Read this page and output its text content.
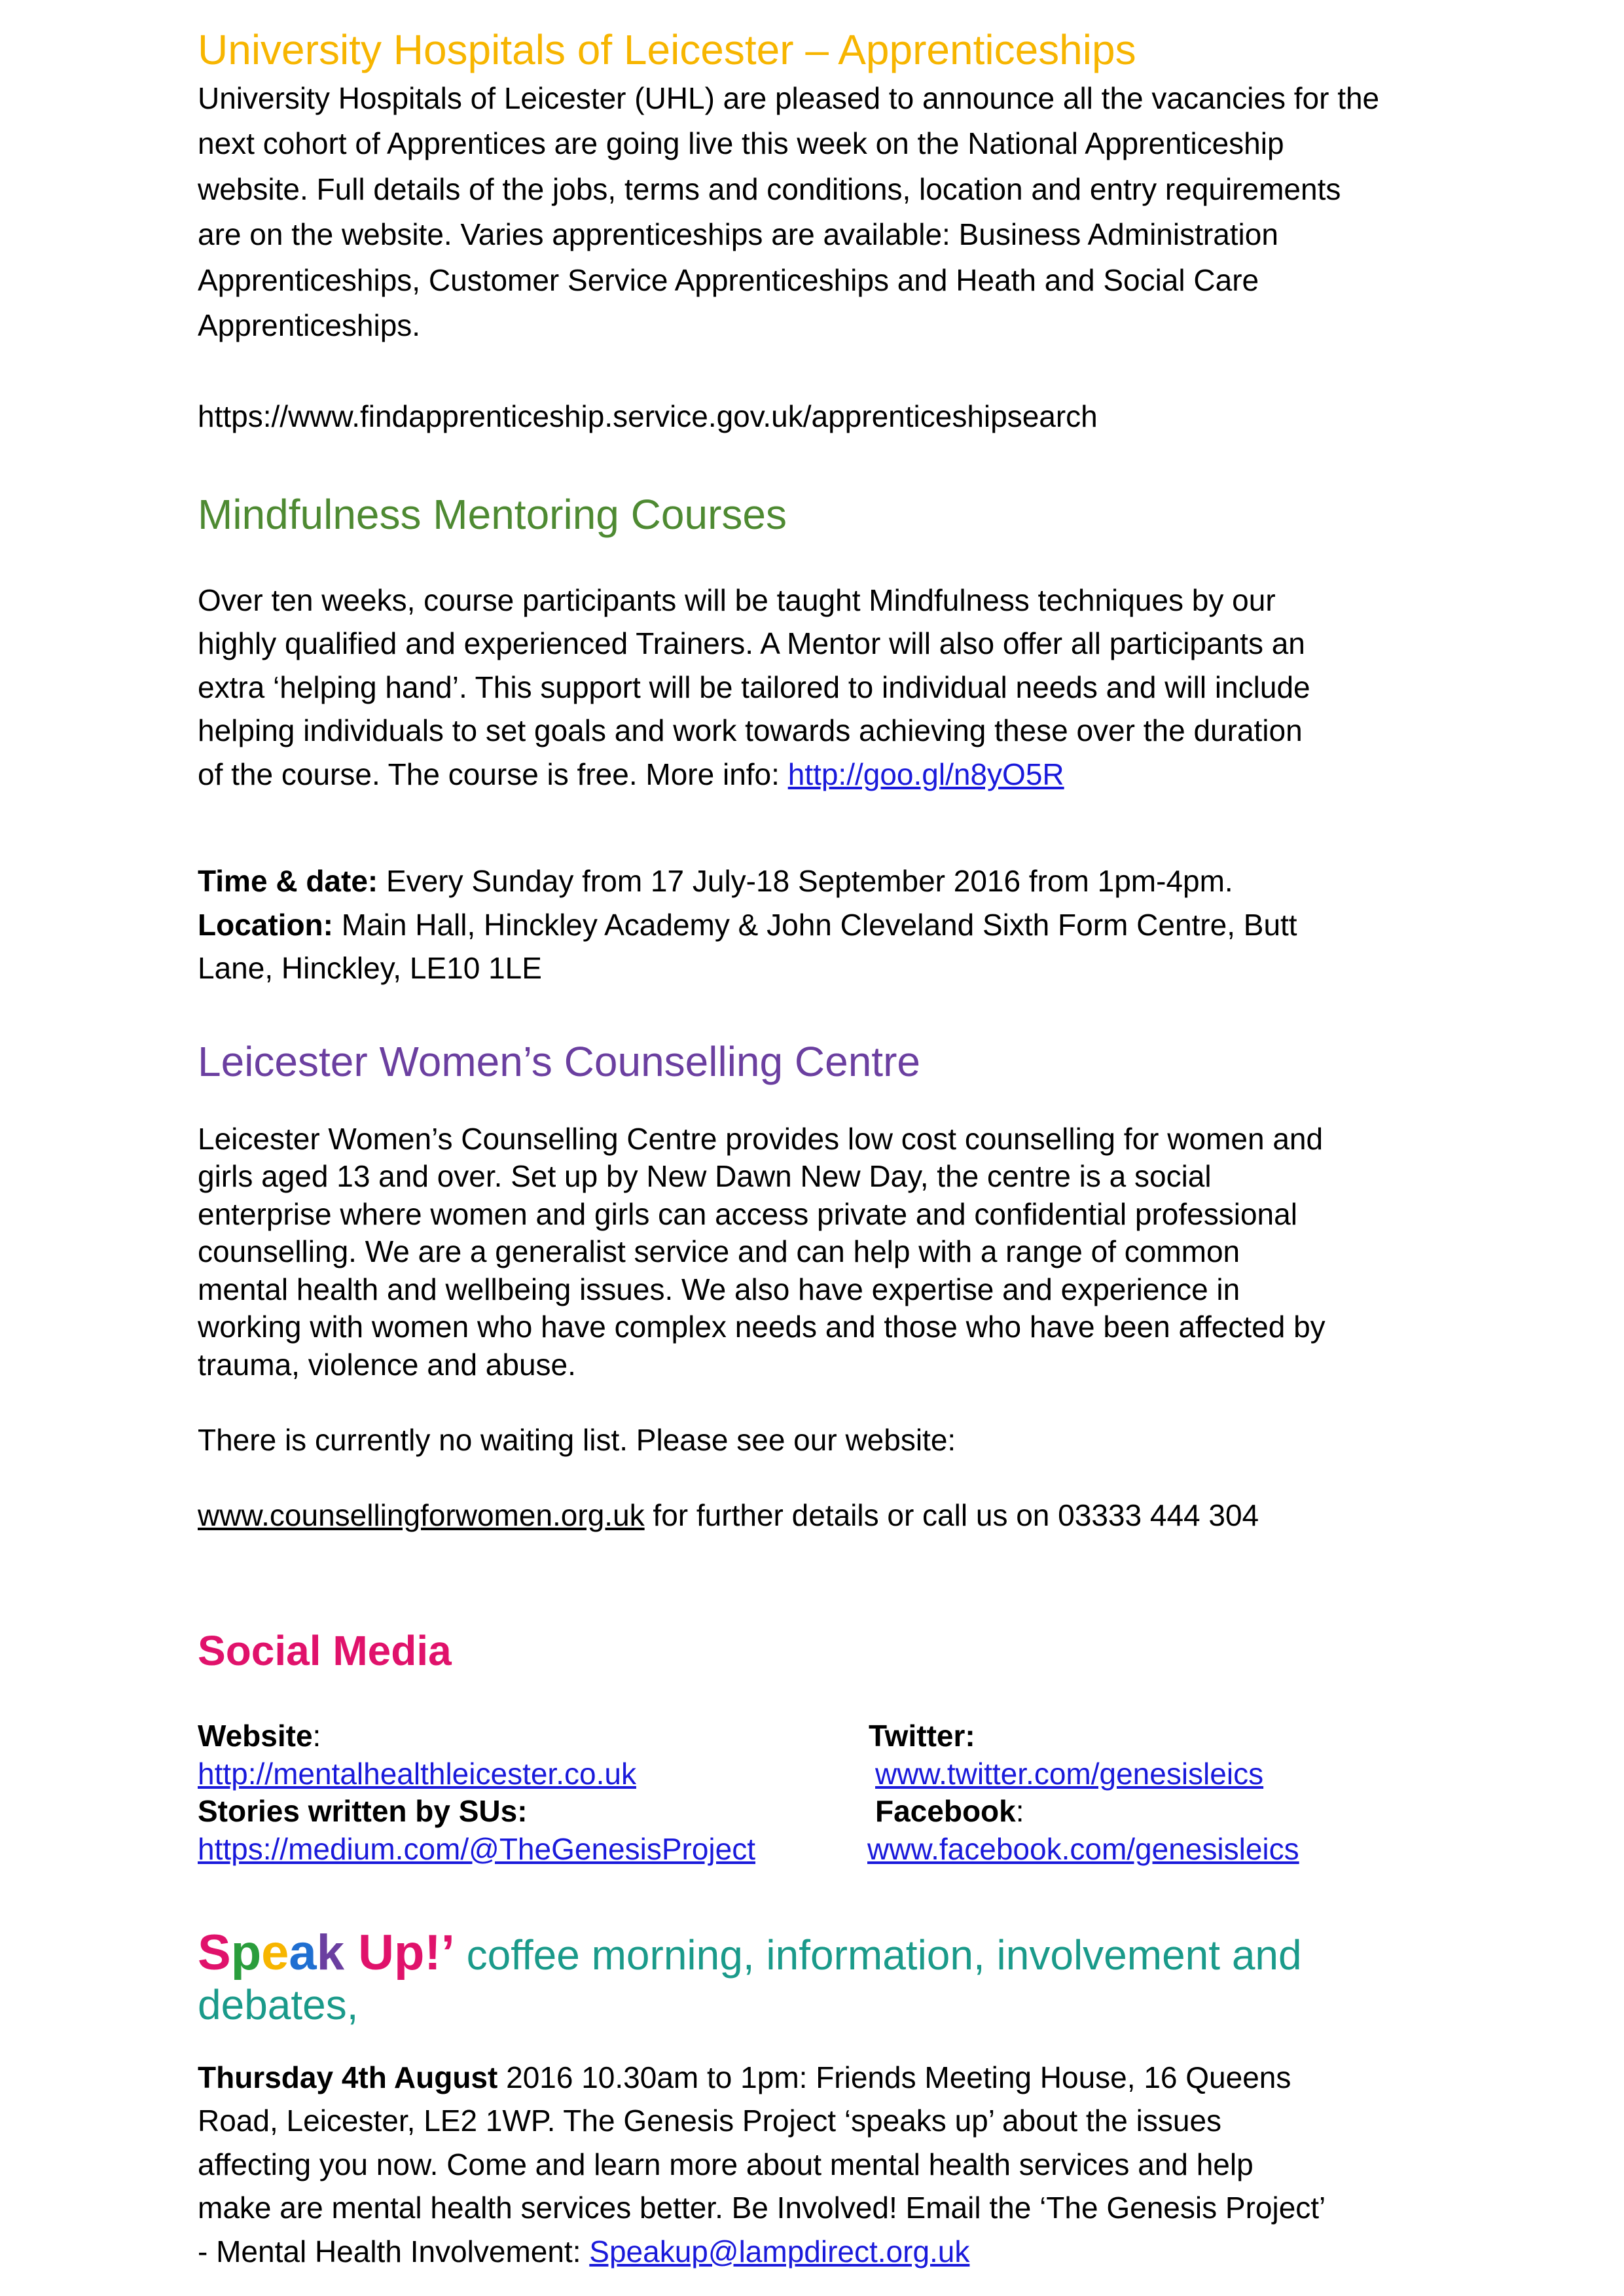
University Hospitals of Leicester – Apprenticeships

University Hospitals of Leicester (UHL) are pleased to announce all the vacancies for the

next cohort of Apprentices are going live this week on the National Apprenticeship

website. Full details of the jobs, terms and conditions, location and entry requirements

are on the website. Varies apprenticeships are available: Business Administration

Apprenticeships, Customer Service Apprenticeships and Heath and Social Care

Apprenticeships.

https://www.findapprenticeship.service.gov.uk/apprenticeshipsearch

Mindfulness Mentoring Courses

Over ten weeks, course participants will be taught Mindfulness techniques by our

highly qualified and experienced Trainers. A Mentor will also offer all participants an

extra ‘helping hand’. This support will be tailored to individual needs and will include

helping individuals to set goals and work towards achieving these over the duration

of the course. The course is free. More info: http://goo.gl/n8yO5R

Time & date: Every Sunday from 17 July-18 September 2016 from 1pm-4pm.

Location: Main Hall, Hinckley Academy & John Cleveland Sixth Form Centre, Butt

Lane, Hinckley, LE10 1LE

Leicester Women’s Counselling Centre

Leicester Women’s Counselling Centre provides low cost counselling for women and

girls aged 13 and over. Set up by New Dawn New Day, the centre is a social

enterprise where women and girls can access private and confidential professional

counselling. We are a generalist service and can help with a range of common

mental health and wellbeing issues. We also have expertise and experience in

working with women who have complex needs and those who have been affected by

trauma, violence and abuse.

There is currently no waiting list. Please see our website:

www.counsellingforwomen.org.uk for further details or call us on 03333 444 304

Social Media
Website:	Twitter:
http://mentalhealthleicester.co.uk	www.twitter.com/genesisleics
Stories written by SUs:	Facebook:
https://medium.com/@TheGenesisProject	www.facebook.com/genesisleics
Speak Up!’ coffee morning, information, involvement and debates,

Thursday 4th August 2016 10.30am to 1pm: Friends Meeting House, 16 Queens

Road, Leicester, LE2 1WP. The Genesis Project ‘speaks up’ about the issues

affecting you now. Come and learn more about mental health services and help

make are mental health services better. Be Involved! Email the ‘The Genesis Project’

- Mental Health Involvement: Speakup@lampdirect.org.uk
